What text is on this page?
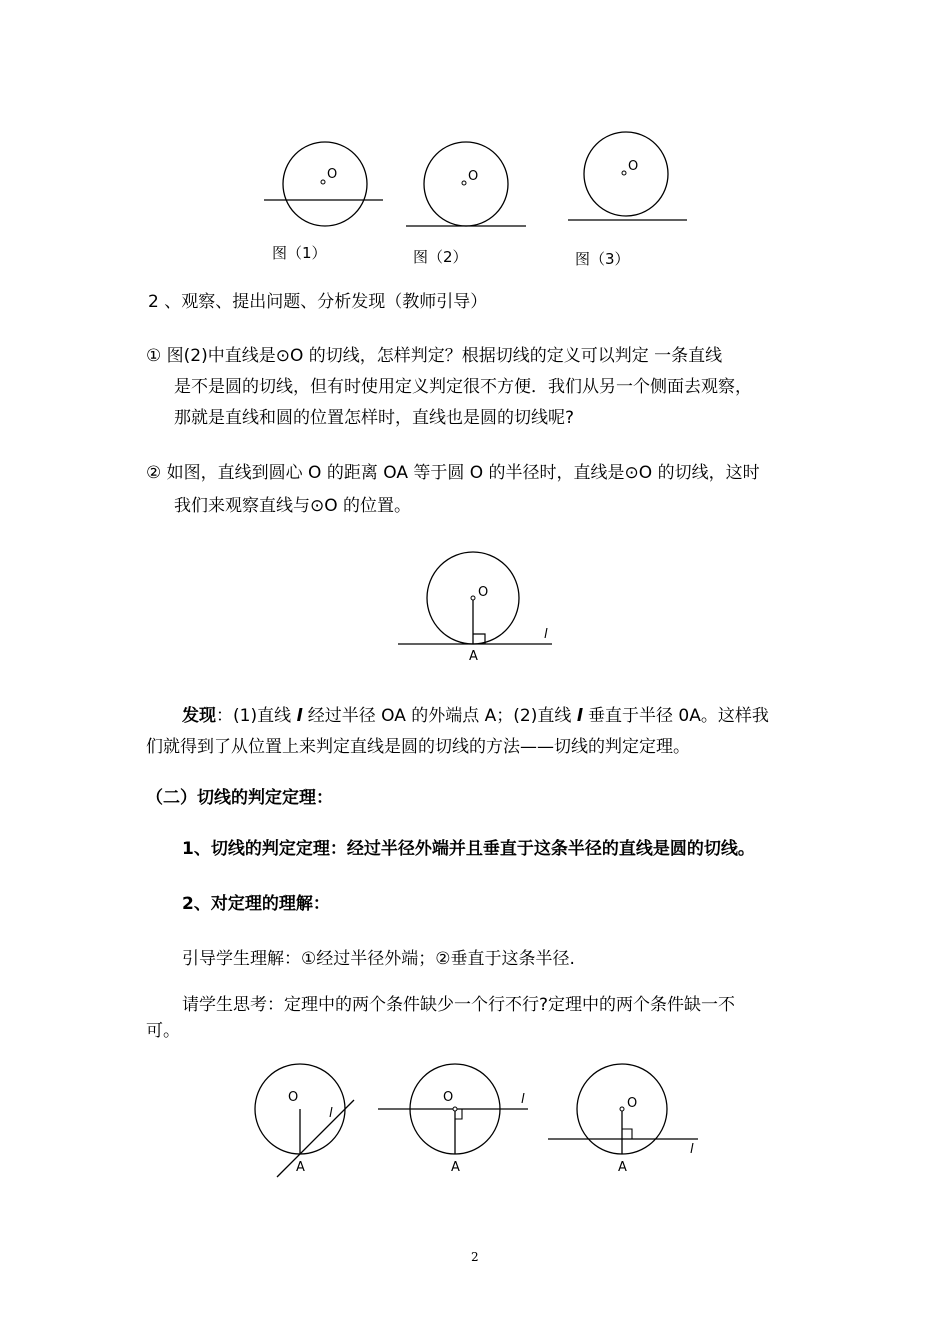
O
图（1）
O
图（2）
O
图（3）
2 、观察、提出问题、分析发现（教师引导）
① 图(2)中直线是⊙O 的切线，怎样判定？根据切线的定义可以判定 一条直线
是不是圆的切线，但有时使用定义判定很不方便．我们从另一个侧面去观察，
那就是直线和圆的位置怎样时，直线也是圆的切线呢?
② 如图，直线到圆心 O 的距离 OA 等于圆 O 的半径时，直线是⊙O 的切线，这时
我们来观察直线与⊙O 的位置。
O
A
l
发现：(1)直线 l 经过半径 OA 的外端点 A；(2)直线 l 垂直于半径 0A。这样我
们就得到了从位置上来判定直线是圆的切线的方法——切线的判定定理。
（二）切线的判定定理：
1、切线的判定定理：经过半径外端并且垂直于这条半径的直线是圆的切线。
2、对定理的理解：
引导学生理解：①经过半径外端；②垂直于这条半径.
请学生思考：定理中的两个条件缺少一个行不行?定理中的两个条件缺一不
可。
O
A
l
O
A
l	O
A
l
2
